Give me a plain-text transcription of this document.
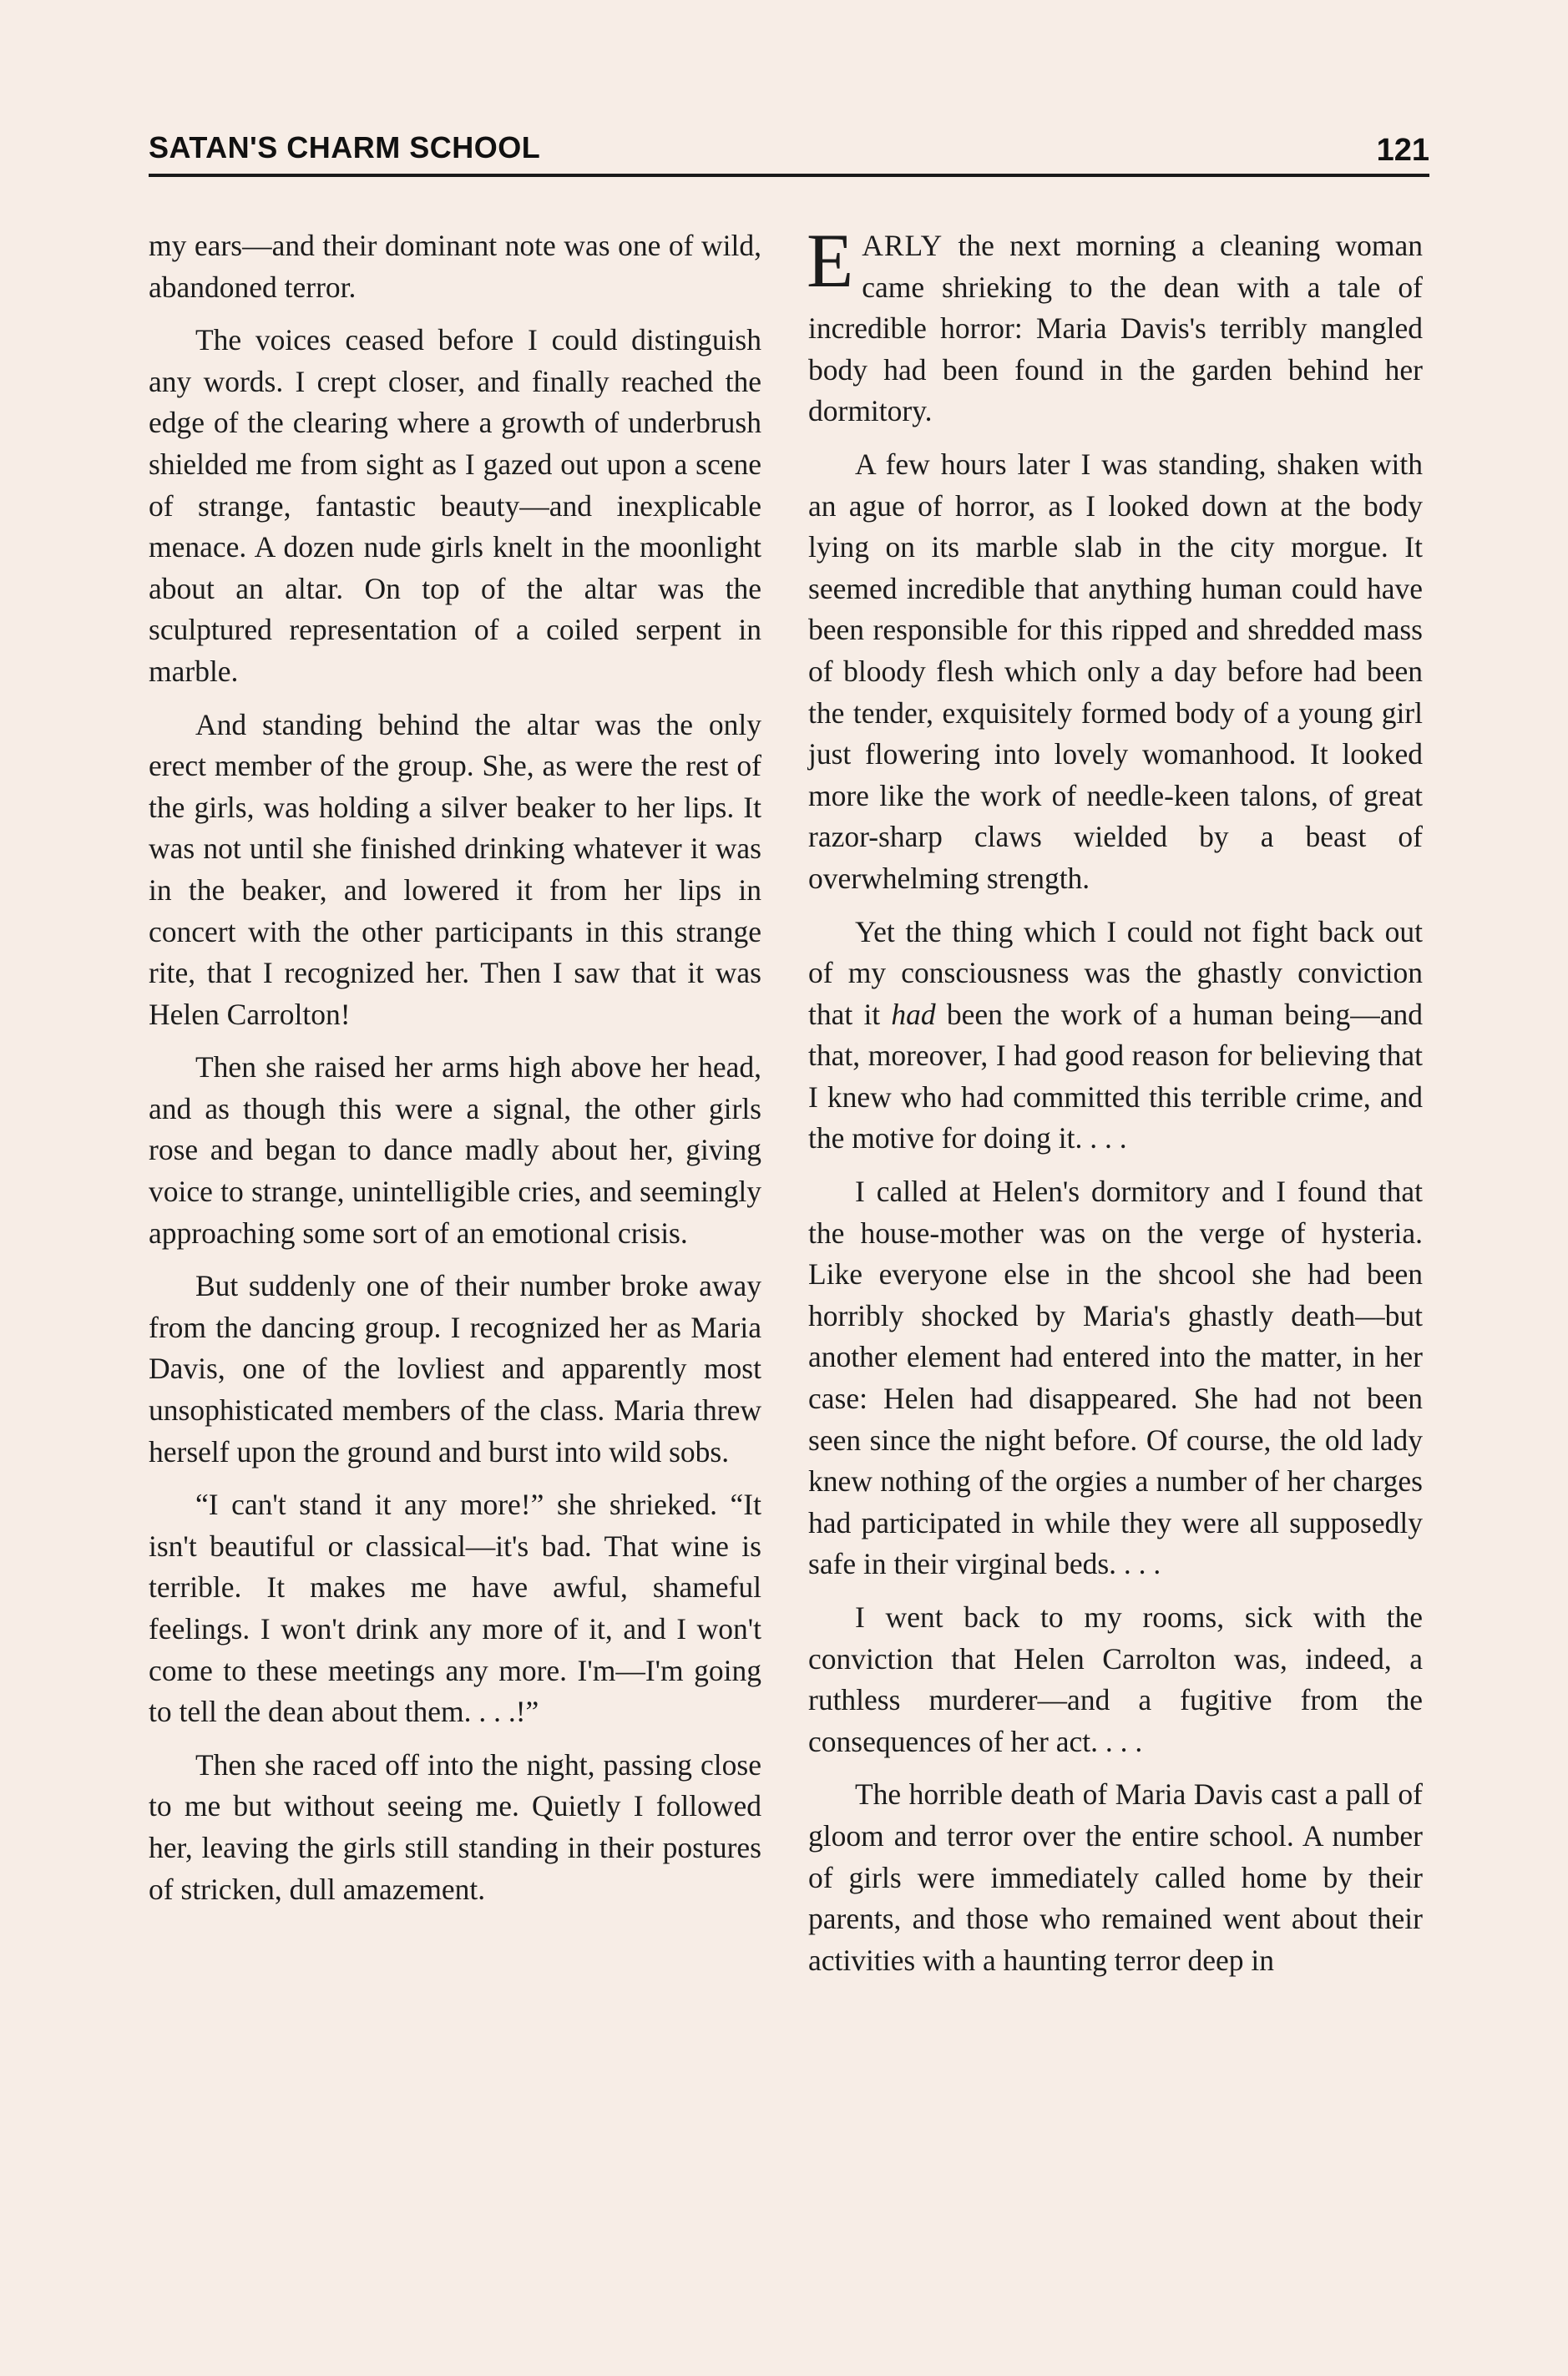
SATAN'S CHARM SCHOOL	121

my ears—and their dominant note was one of wild, abandoned terror.

The voices ceased before I could distinguish any words. I crept closer, and finally reached the edge of the clearing where a growth of underbrush shielded me from sight as I gazed out upon a scene of strange, fantastic beauty—and inexplicable menace. A dozen nude girls knelt in the moonlight about an altar. On top of the altar was the sculptured representation of a coiled serpent in marble.

And standing behind the altar was the only erect member of the group. She, as were the rest of the girls, was holding a silver beaker to her lips. It was not until she finished drinking whatever it was in the beaker, and lowered it from her lips in concert with the other participants in this strange rite, that I recognized her. Then I saw that it was Helen Carrolton!

Then she raised her arms high above her head, and as though this were a signal, the other girls rose and began to dance madly about her, giving voice to strange, unintelligible cries, and seemingly approaching some sort of an emotional crisis.

But suddenly one of their number broke away from the dancing group. I recognized her as Maria Davis, one of the lovliest and apparently most unsophisticated members of the class. Maria threw herself upon the ground and burst into wild sobs.

“I can't stand it any more!” she shrieked. “It isn't beautiful or classical—it's bad. That wine is terrible. It makes me have awful, shameful feelings. I won't drink any more of it, and I won't come to these meetings any more. I'm—I'm going to tell the dean about them. . . .!”

Then she raced off into the night, passing close to me but without seeing me. Quietly I followed her, leaving the girls still standing in their postures of stricken, dull amazement.

EARLY the next morning a cleaning woman came shrieking to the dean with a tale of incredible horror: Maria Davis's terribly mangled body had been found in the garden behind her dormitory.

A few hours later I was standing, shaken with an ague of horror, as I looked down at the body lying on its marble slab in the city morgue. It seemed incredible that anything human could have been responsible for this ripped and shredded mass of bloody flesh which only a day before had been the tender, exquisitely formed body of a young girl just flowering into lovely womanhood. It looked more like the work of needle-keen talons, of great razor-sharp claws wielded by a beast of overwhelming strength.

Yet the thing which I could not fight back out of my consciousness was the ghastly conviction that it had been the work of a human being—and that, moreover, I had good reason for believing that I knew who had committed this terrible crime, and the motive for doing it. . . .

I called at Helen's dormitory and I found that the house-mother was on the verge of hysteria. Like everyone else in the shcool she had been horribly shocked by Maria's ghastly death—but another element had entered into the matter, in her case: Helen had disappeared. She had not been seen since the night before. Of course, the old lady knew nothing of the orgies a number of her charges had participated in while they were all supposedly safe in their virginal beds. . . .

I went back to my rooms, sick with the conviction that Helen Carrolton was, indeed, a ruthless murderer—and a fugitive from the consequences of her act. . . .

The horrible death of Maria Davis cast a pall of gloom and terror over the entire school. A number of girls were immediately called home by their parents, and those who remained went about their activities with a haunting terror deep in
